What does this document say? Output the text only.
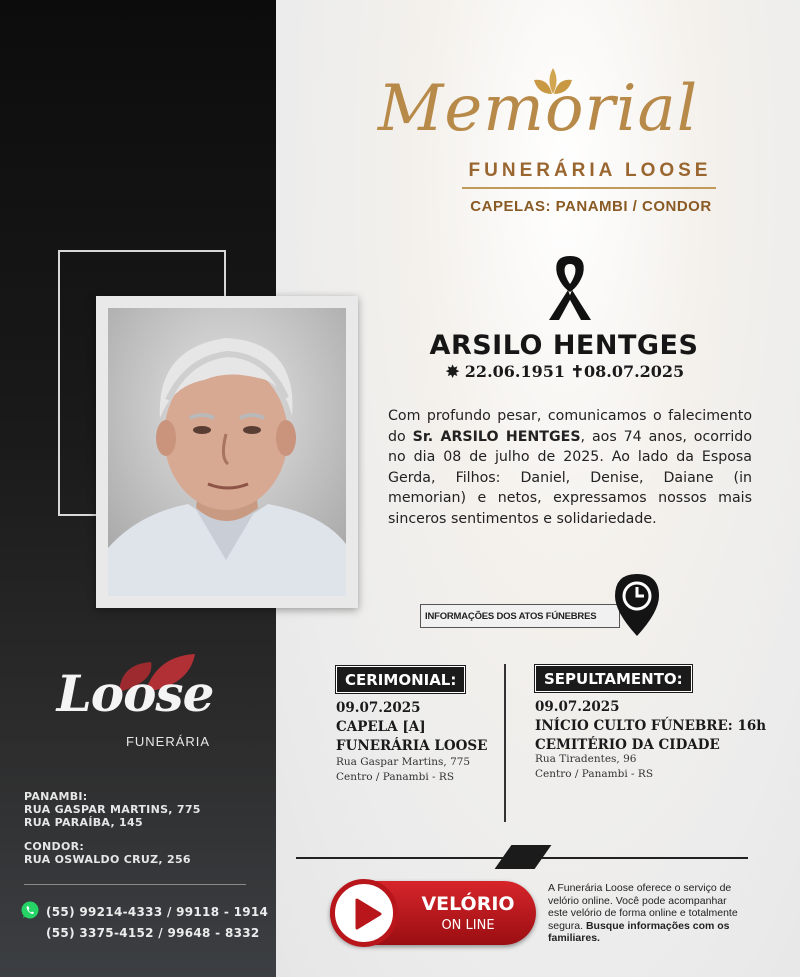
Memorial
FUNERÁRIA LOOSE
CAPELAS: PANAMBI / CONDOR
ARSILO HENTGES
✸ 22.06.1951 ✝08.07.2025
Com profundo pesar, comunicamos o falecimento do Sr. ARSILO HENTGES, aos 74 anos, ocorrido no dia 08 de julho de 2025. Ao lado da Esposa Gerda, Filhos: Daniel, Denise, Daiane (in memorian) e netos, expressamos nossos mais sinceros sentimentos e solidariedade.
INFORMAÇÕES DOS ATOS FÚNEBRES
CERIMONIAL:
09.07.2025
CAPELA [A]
FUNERÁRIA LOOSE
Rua Gaspar Martins, 775
Centro / Panambi - RS
SEPULTAMENTO:
09.07.2025
INÍCIO CULTO FÚNEBRE: 16h
CEMITÉRIO DA CIDADE
Rua Tiradentes, 96
Centro / Panambi - RS
VELÓRIO
ON LINE
A Funerária Loose oferece o serviço de velório online. Você pode acompanhar este velório de forma online e totalmente segura. Busque informações com os familiares.
Loose
FUNERÁRIA
PANAMBI:
RUA GASPAR MARTINS, 775
RUA PARAÍBA, 145
CONDOR:
RUA OSWALDO CRUZ, 256
(55) 99214-4333 / 99118 - 1914
(55) 3375-4152 / 99648 - 8332
